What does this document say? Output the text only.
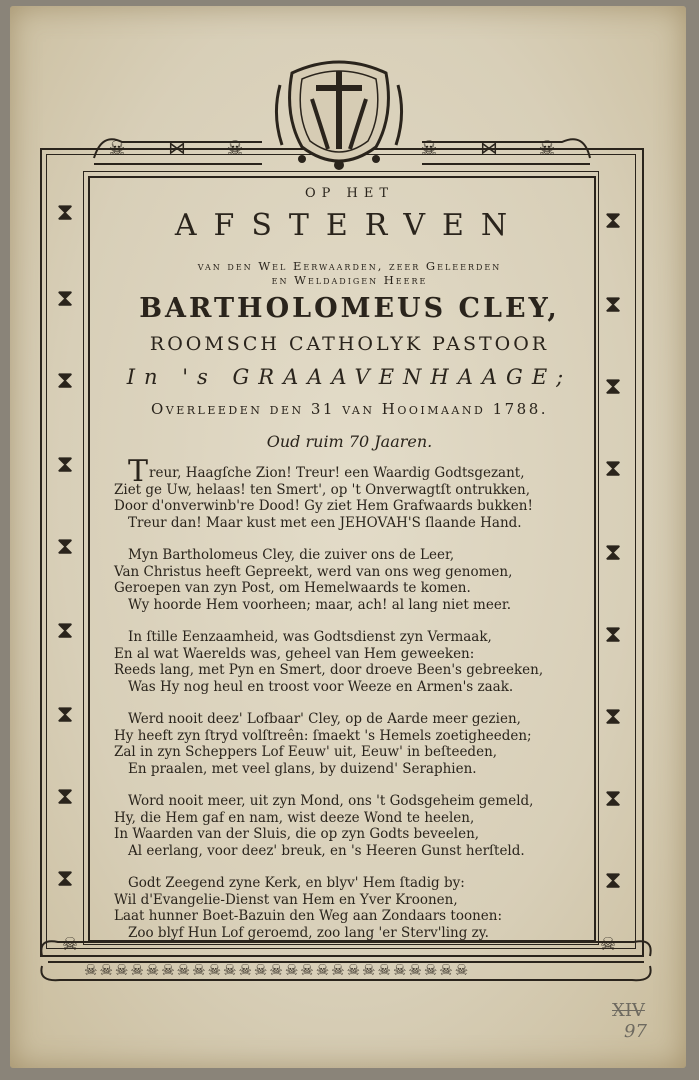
⧗
⧗
⧗
⧗
⧗
⧗
⧗
⧗
⧗
⧗
⧗
⧗
⧗
⧗
⧗
⧗
⧗
⧗
☠ ⋈ ☠	☠ ⋈ ☠
OP HET
AFSTERVEN
van den Wel Eerwaarden, zeer Geleerden
en Weldadigen Heere
BARTHOLOMEUS CLEY,
ROOMSCH CATHOLYK PASTOOR
In 's GRAAAVENHAAGE;
Overleeden den 31 van Hooimaand 1788.
Oud ruim 70 Jaaren.
Treur, Haagſche Zion! Treur! een Waardig Godtsgezant,
Ziet ge Uw, helaas! ten Smert', op 't Onverwagtſt ontrukken,
Door d'onverwinb're Dood! Gy ziet Hem Grafwaards bukken!
Treur dan! Maar kust met een JEHOVAH'S ſlaande Hand.
Myn Bartholomeus Cley, die zuiver ons de Leer,
Van Christus heeft Gepreekt, werd van ons weg genomen,
Geroepen van zyn Post, om Hemelwaards te komen.
Wy hoorde Hem voorheen; maar, ach! al lang niet meer.
In ſtille Eenzaamheid, was Godtsdienst zyn Vermaak,
En al wat Waerelds was, geheel van Hem geweeken:
Reeds lang, met Pyn en Smert, door droeve Been's gebreeken,
Was Hy nog heul en troost voor Weeze en Armen's zaak.
Werd nooit deez' Lofbaar' Cley, op de Aarde meer gezien,
Hy heeft zyn ſtryd volſtreên: ſmaekt 's Hemels zoetigheeden;
Zal in zyn Scheppers Lof Eeuw' uit, Eeuw' in beſteeden,
En praalen, met veel glans, by duizend' Seraphien.
Word nooit meer, uit zyn Mond, ons 't Godsgeheim gemeld,
Hy, die Hem gaf en nam, wist deeze Wond te heelen,
In Waarden van der Sluis, die op zyn Godts beveelen,
Al eerlang, voor deez' breuk, en 's Heeren Gunst herſteld.
Godt Zeegend zyne Kerk, en blyv' Hem ſtadig by:
Wil d'Evangelie-Dienst van Hem en Yver Kroonen,
Laat hunner Boet-Bazuin den Weg aan Zondaars toonen:
Zoo blyf Hun Lof geroemd, zoo lang 'er Sterv'ling zy.
☠	☠
☠☠☠☠☠☠☠☠☠☠☠☠☠☠☠☠☠☠☠☠☠☠☠☠☠
XIV
97
